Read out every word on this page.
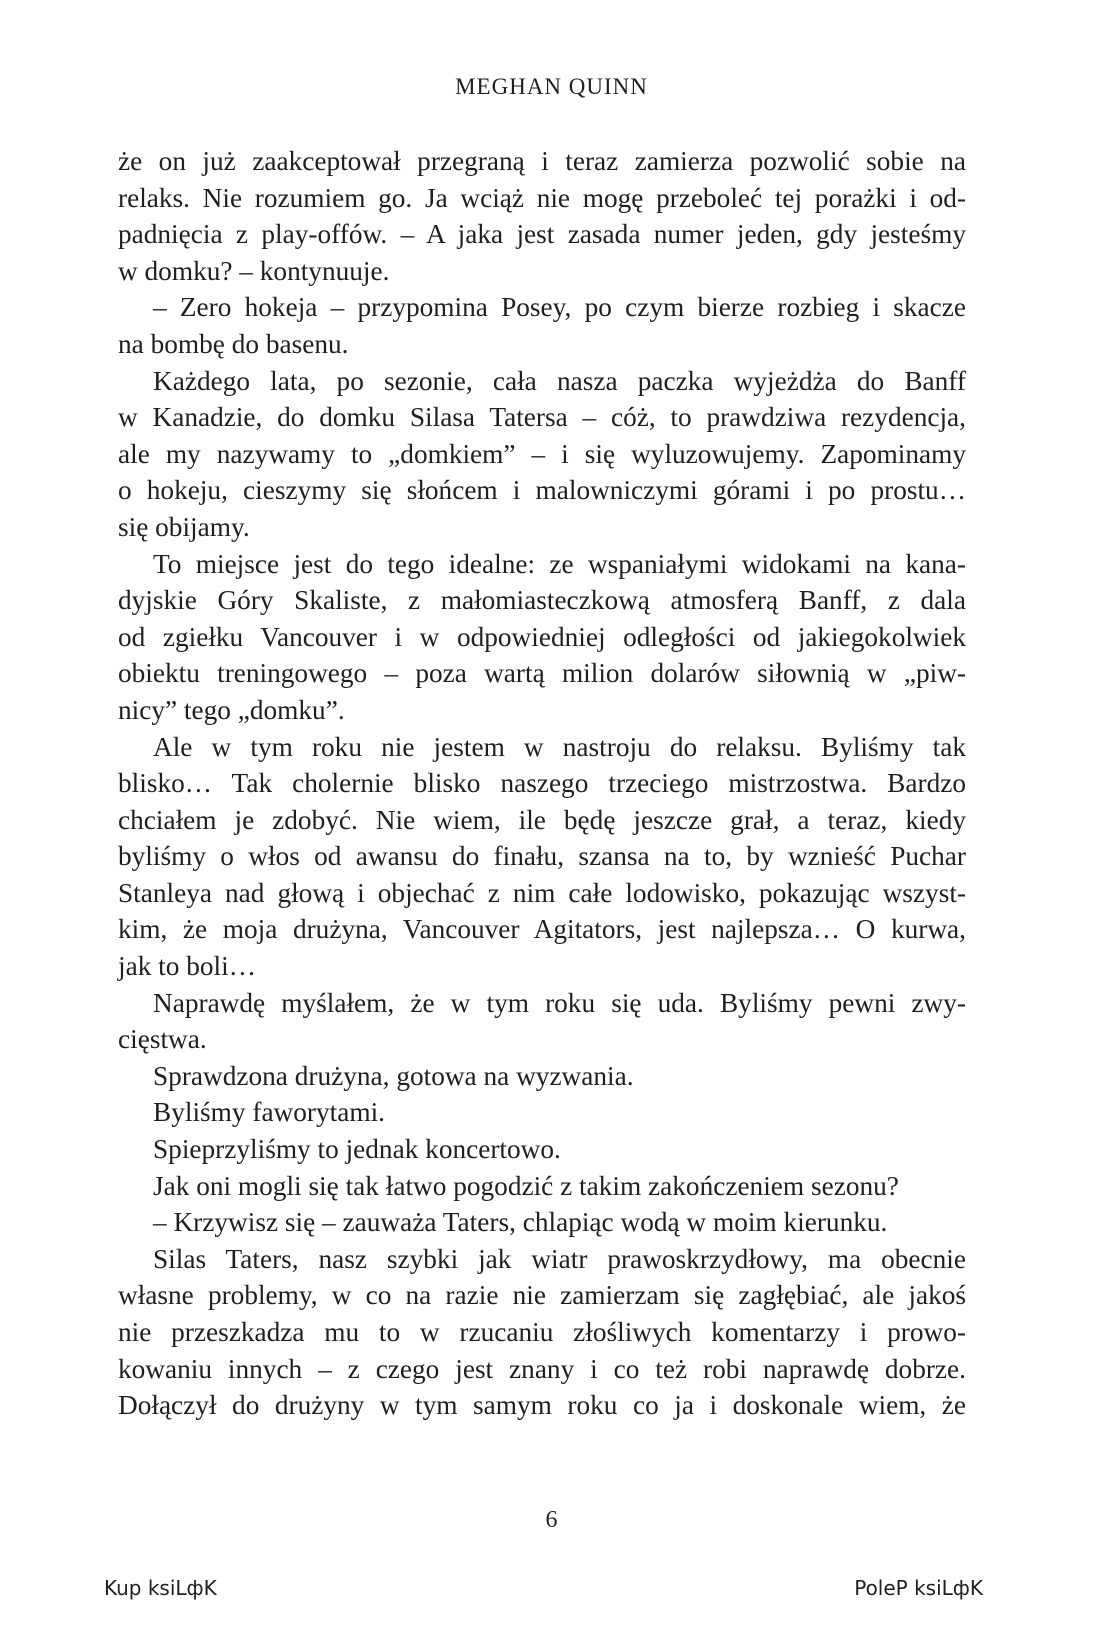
MEGHAN QUINN
że on już zaakceptował przegraną i teraz zamierza pozwolić sobie na
relaks. Nie rozumiem go. Ja wciąż nie mogę przeboleć tej porażki i od-
padnięcia z play-offów. – A jaka jest zasada numer jeden, gdy jesteśmy
w domku? – kontynuuje.
– Zero hokeja – przypomina Posey, po czym bierze rozbieg i skacze
na bombę do basenu.
Każdego lata, po sezonie, cała nasza paczka wyjeżdża do Banff
w Kanadzie, do domku Silasa Tatersa – cóż, to prawdziwa rezydencja,
ale my nazywamy to „domkiem” – i się wyluzowujemy. Zapominamy
o hokeju, cieszymy się słońcem i malowniczymi górami i po prostu…
się obijamy.
To miejsce jest do tego idealne: ze wspaniałymi widokami na kana-
dyjskie Góry Skaliste, z małomiasteczkową atmosferą Banff, z dala
od zgiełku Vancouver i w odpowiedniej odległości od jakiegokolwiek
obiektu treningowego – poza wartą milion dolarów siłownią w „piw-
nicy” tego „domku”.
Ale w tym roku nie jestem w nastroju do relaksu. Byliśmy tak
blisko… Tak cholernie blisko naszego trzeciego mistrzostwa. Bardzo
chciałem je zdobyć. Nie wiem, ile będę jeszcze grał, a teraz, kiedy
byliśmy o włos od awansu do finału, szansa na to, by wznieść Puchar
Stanleya nad głową i objechać z nim całe lodowisko, pokazując wszyst-
kim, że moja drużyna, Vancouver Agitators, jest najlepsza… O kurwa,
jak to boli…
Naprawdę myślałem, że w tym roku się uda. Byliśmy pewni zwy-
cięstwa.
Sprawdzona drużyna, gotowa na wyzwania.
Byliśmy faworytami.
Spieprzyliśmy to jednak koncertowo.
Jak oni mogli się tak łatwo pogodzić z takim zakończeniem sezonu?
– Krzywisz się – zauważa Taters, chlapiąc wodą w moim kierunku.
Silas Taters, nasz szybki jak wiatr prawoskrzydłowy, ma obecnie
własne problemy, w co na razie nie zamierzam się zagłębiać, ale jakoś
nie przeszkadza mu to w rzucaniu złośliwych komentarzy i prowo-
kowaniu innych – z czego jest znany i co też robi naprawdę dobrze.
Dołączył do drużyny w tym samym roku co ja i doskonale wiem, że
6
Kup ksiLфK	PoleP ksiLфK
